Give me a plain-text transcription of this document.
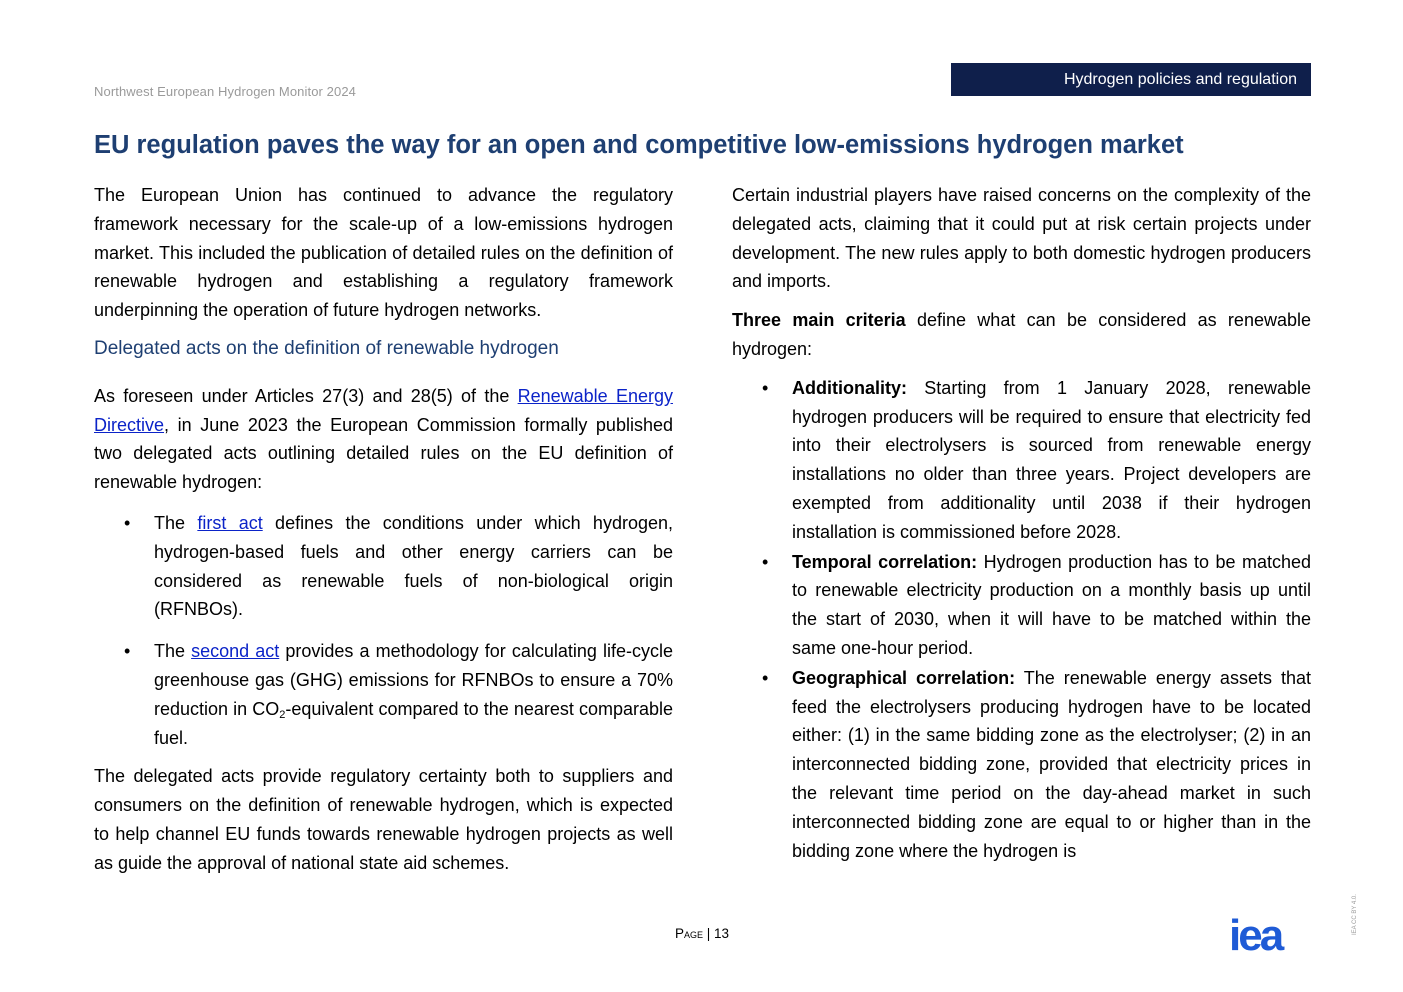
Northwest European Hydrogen Monitor 2024
Hydrogen policies and regulation
EU regulation paves the way for an open and competitive low-emissions hydrogen market

The European Union has continued to advance the regulatory framework necessary for the scale-up of a low-emissions hydrogen market. This included the publication of detailed rules on the definition of renewable hydrogen and establishing a regulatory framework underpinning the operation of future hydrogen networks.

Delegated acts on the definition of renewable hydrogen

As foreseen under Articles 27(3) and 28(5) of the Renewable Energy Directive, in June 2023 the European Commission formally published two delegated acts outlining detailed rules on the EU definition of renewable hydrogen:

• The first act defines the conditions under which hydrogen, hydrogen-based fuels and other energy carriers can be considered as renewable fuels of non-biological origin (RFNBOs).
• The second act provides a methodology for calculating life-cycle greenhouse gas (GHG) emissions for RFNBOs to ensure a 70% reduction in $CO_2$-equivalent compared to the nearest comparable fuel.

The delegated acts provide regulatory certainty both to suppliers and consumers on the definition of renewable hydrogen, which is expected to help channel EU funds towards renewable hydrogen projects as well as guide the approval of national state aid schemes.

Certain industrial players have raised concerns on the complexity of the delegated acts, claiming that it could put at risk certain projects under development. The new rules apply to both domestic hydrogen producers and imports.

Three main criteria define what can be considered as renewable hydrogen:

• Additionality: Starting from 1 January 2028, renewable hydrogen producers will be required to ensure that electricity fed into their electrolysers is sourced from renewable energy installations no older than three years. Project developers are exempted from additionality until 2038 if their hydrogen installation is commissioned before 2028.
• Temporal correlation: Hydrogen production has to be matched to renewable electricity production on a monthly basis up until the start of 2030, when it will have to be matched within the same one-hour period.
• Geographical correlation: The renewable energy assets that feed the electrolysers producing hydrogen have to be located either: (1) in the same bidding zone as the electrolyser; (2) in an interconnected bidding zone, provided that electricity prices in the relevant time period on the day-ahead market in such interconnected bidding zone are equal to or higher than in the bidding zone where the hydrogen is
Page | 13	iea	IEA CC BY 4.0.
